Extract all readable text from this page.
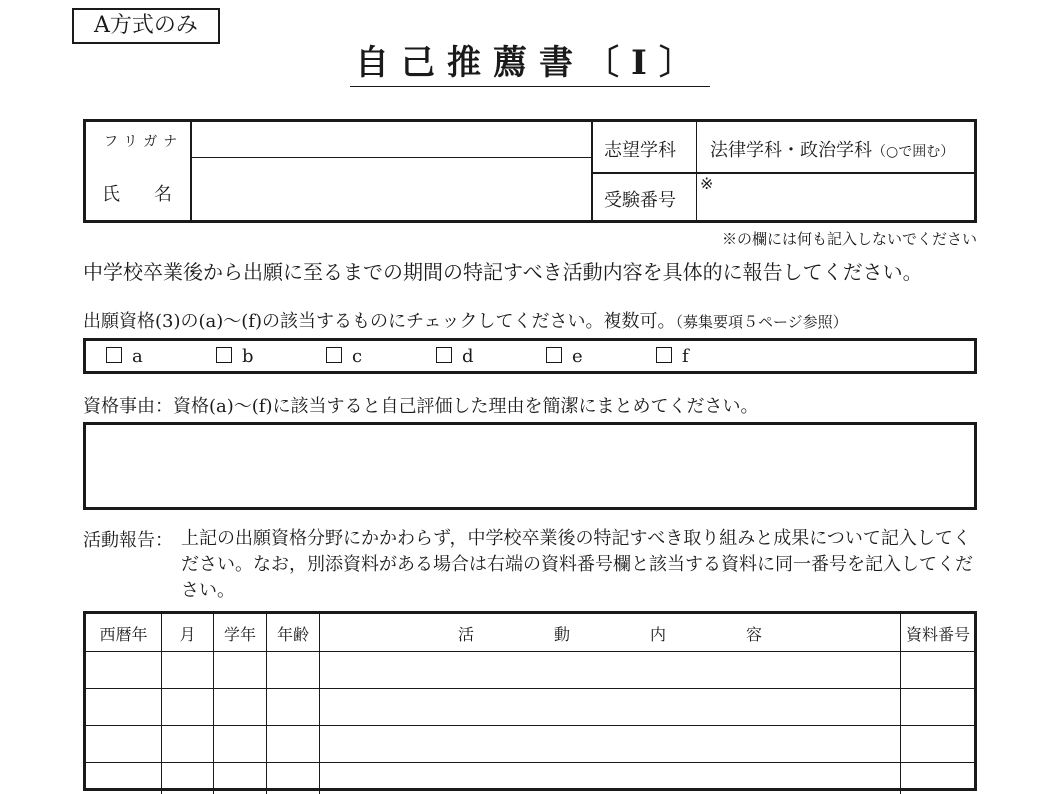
A方式のみ
自己推薦書〔I〕
フリガナ
氏　名
志望学科 法律学科・政治学科（○で囲む）
受験番号
※
※の欄には何も記入しないでください
中学校卒業後から出願に至るまでの期間の特記すべき活動内容を具体的に報告してください。
出願資格(3)の(a)～(f)の該当するものにチェックしてください。複数可。（募集要項５ページ参照）
a	b	c	d	e	f
資格事由：資格(a)～(f)に該当すると自己評価した理由を簡潔にまとめてください。
活動報告： 上記の出願資格分野にかかわらず，中学校卒業後の特記すべき取り組みと成果について記入してください。なお，別添資料がある場合は右端の資料番号欄と該当する資料に同一番号を記入してください。
西暦年	月	学年	年齢	活　　　　　動　　　　　内　　　　　容	資料番号
